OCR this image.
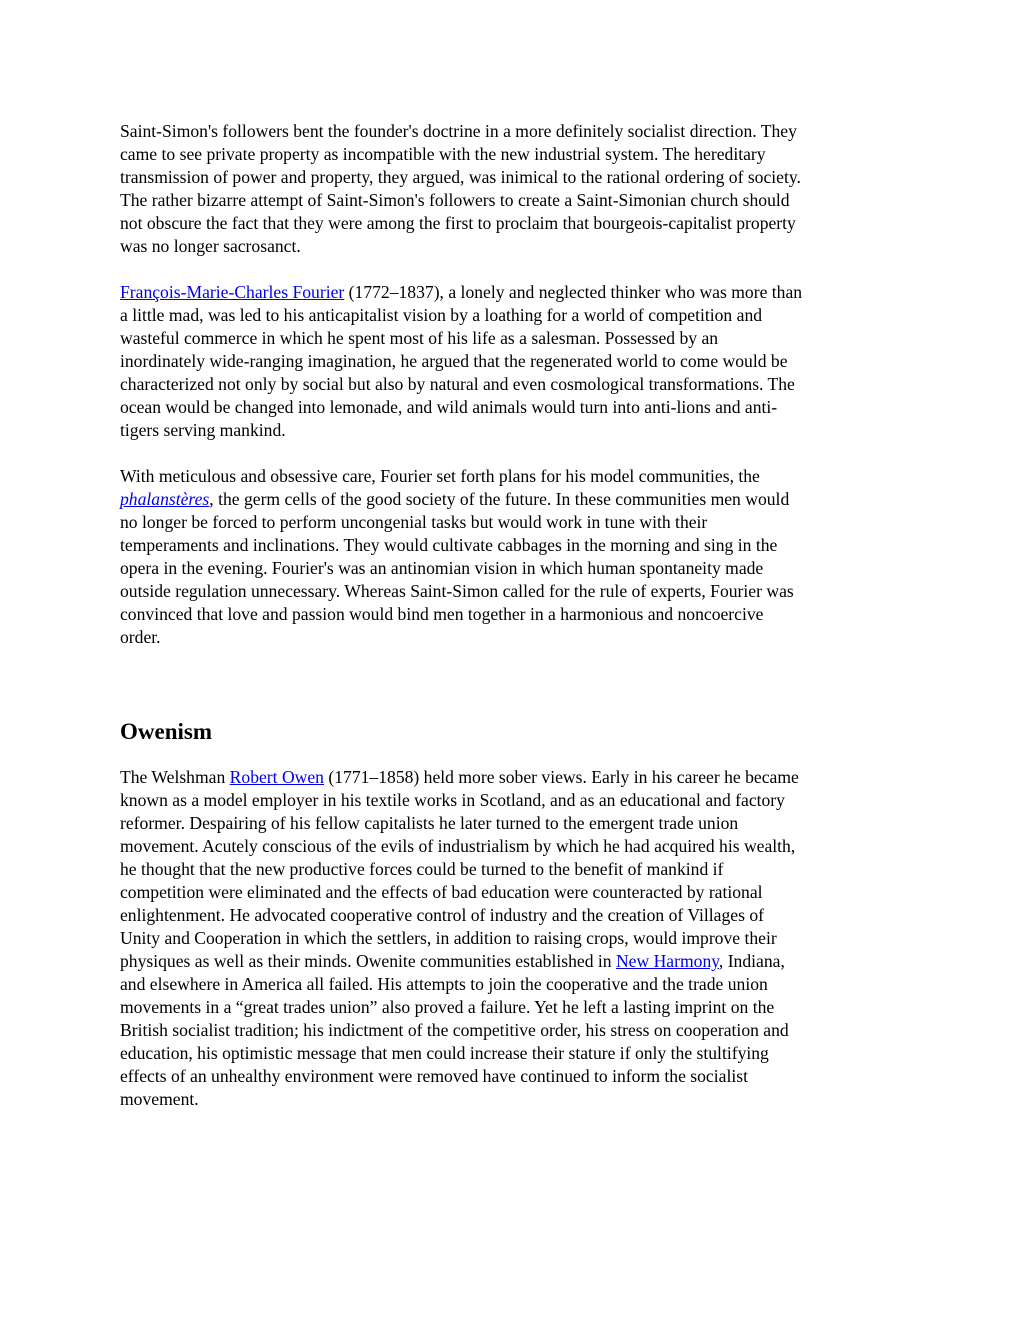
Saint-Simon's followers bent the founder's doctrine in a more definitely socialist direction. They
came to see private property as incompatible with the new industrial system. The hereditary
transmission of power and property, they argued, was inimical to the rational ordering of society.
The rather bizarre attempt of Saint-Simon's followers to create a Saint-Simonian church should
not obscure the fact that they were among the first to proclaim that bourgeois-capitalist property
was no longer sacrosanct.

François-Marie-Charles Fourier (1772–1837), a lonely and neglected thinker who was more than
a little mad, was led to his anticapitalist vision by a loathing for a world of competition and
wasteful commerce in which he spent most of his life as a salesman. Possessed by an
inordinately wide-ranging imagination, he argued that the regenerated world to come would be
characterized not only by social but also by natural and even cosmological transformations. The
ocean would be changed into lemonade, and wild animals would turn into anti-lions and anti-
tigers serving mankind.

With meticulous and obsessive care, Fourier set forth plans for his model communities, the
phalanstères, the germ cells of the good society of the future. In these communities men would
no longer be forced to perform uncongenial tasks but would work in tune with their
temperaments and inclinations. They would cultivate cabbages in the morning and sing in the
opera in the evening. Fourier's was an antinomian vision in which human spontaneity made
outside regulation unnecessary. Whereas Saint-Simon called for the rule of experts, Fourier was
convinced that love and passion would bind men together in a harmonious and noncoercive
order.

Owenism

The Welshman Robert Owen (1771–1858) held more sober views. Early in his career he became
known as a model employer in his textile works in Scotland, and as an educational and factory
reformer. Despairing of his fellow capitalists he later turned to the emergent trade union
movement. Acutely conscious of the evils of industrialism by which he had acquired his wealth,
he thought that the new productive forces could be turned to the benefit of mankind if
competition were eliminated and the effects of bad education were counteracted by rational
enlightenment. He advocated cooperative control of industry and the creation of Villages of
Unity and Cooperation in which the settlers, in addition to raising crops, would improve their
physiques as well as their minds. Owenite communities established in New Harmony, Indiana,
and elsewhere in America all failed. His attempts to join the cooperative and the trade union
movements in a “great trades union” also proved a failure. Yet he left a lasting imprint on the
British socialist tradition; his indictment of the competitive order, his stress on cooperation and
education, his optimistic message that men could increase their stature if only the stultifying
effects of an unhealthy environment were removed have continued to inform the socialist
movement.
